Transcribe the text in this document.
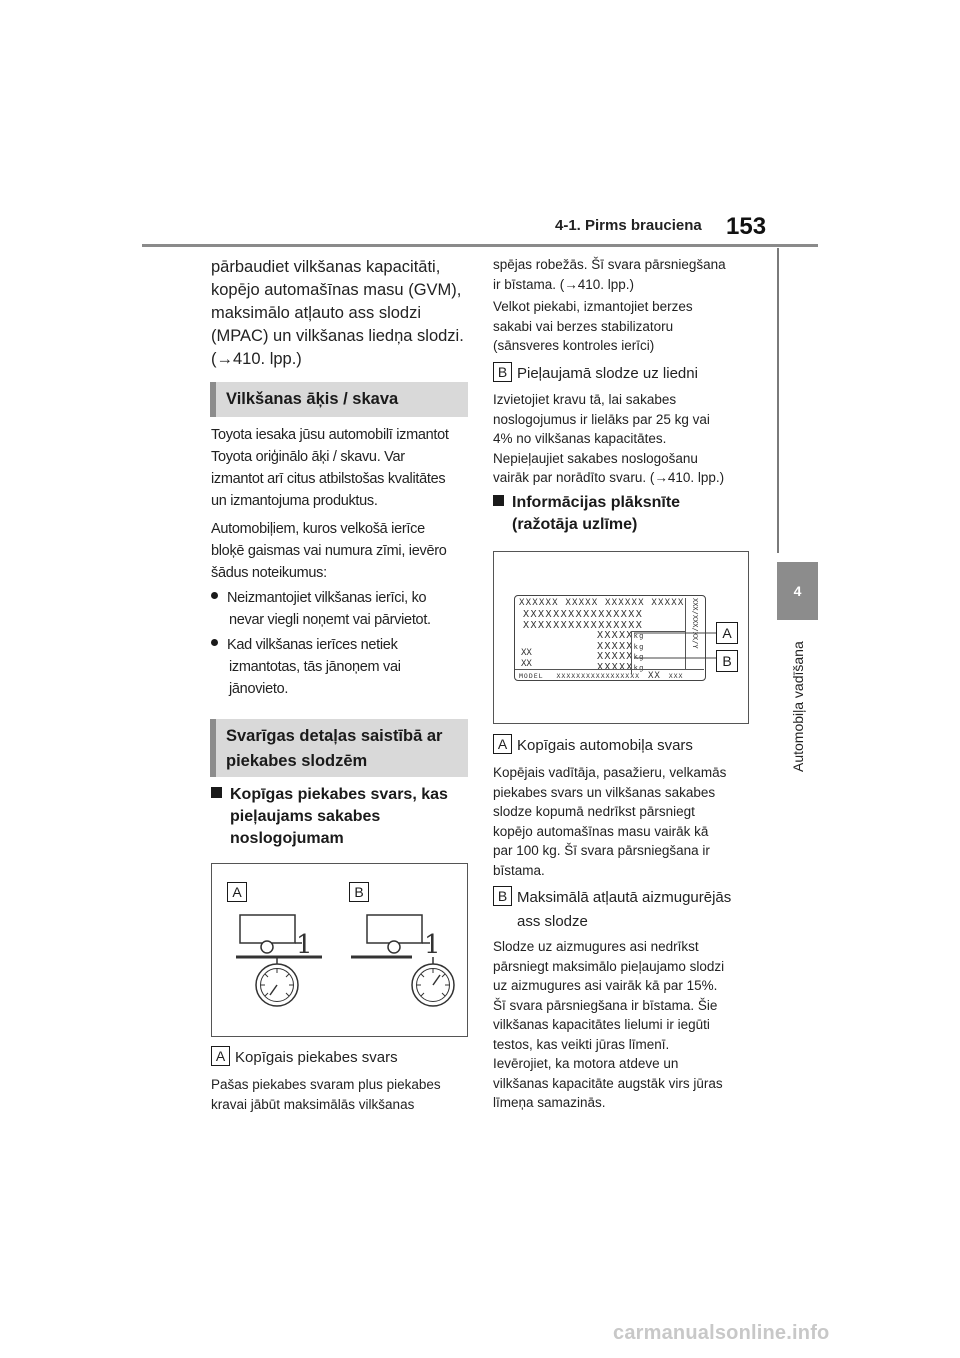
4-1. Pirms brauciena 153
4
Automobiļa vadīšana
pārbaudiet vilkšanas kapacitāti,
kopējo automašīnas masu (GVM),
maksimālo atļauto ass slodzi
(MPAC) un vilkšanas liedņa slodzi.
(→410. lpp.)
Vilkšanas āķis / skava
Toyota iesaka jūsu automobilī izmantot
Toyota oriģinālo āķi / skavu. Var
izmantot arī citus atbilstošas kvalitātes
un izmantojuma produktus.
Automobiļiem, kuros velkošā ierīce
bloķē gaismas vai numura zīmi, ievēro
šādus noteikumus:
Neizmantojiet vilkšanas ierīci, ko
nevar viegli noņemt vai pārvietot.
Kad vilkšanas ierīces netiek
izmantotas, tās jānoņem vai
jānovieto.
Svarīgas detaļas saistībā ar
piekabes slodzēm
Kopīgas piekabes svars, kas
pieļaujams sakabes
noslogojumam
A	B
1	1
A Kopīgais piekabes svars
Pašas piekabes svaram plus piekabes
kravai jābūt maksimālās vilkšanas
spējas robežās. Šī svara pārsniegšana
ir bīstama. (→410. lpp.)
Velkot piekabi, izmantojiet berzes
sakabi vai berzes stabilizatoru
(sānsveres kontroles ierīci)
B Pieļaujamā slodze uz liedni
Izvietojiet kravu tā, lai sakabes
noslogojumus ir lielāks par 25 kg vai
4% no vilkšanas kapacitātes.
Nepieļaujiet sakabes noslogošanu
vairāk par norādīto svaru. (→410. lpp.)
Informācijas plāksnīte
(ražotāja uzlīme)
XXXXXX XXXXX XXXXXX XXXXX
XXXXXXXXXXXXXXXX
XXXXXXXXXXXXXXXX
XXXXXkg
XXXXXkg
XXXXXkg
XXXXXkg
XX
XX
XXX/XXX/XX/Y
MODEL XXXXXXXXXXXXXXXXX XX XXX
A
B
A Kopīgais automobiļa svars
Kopējais vadītāja, pasažieru, velkamās
piekabes svars un vilkšanas sakabes
slodze kopumā nedrīkst pārsniegt
kopējo automašīnas masu vairāk kā
par 100 kg. Šī svara pārsniegšana ir
bīstama.
B Maksimālā atļautā aizmugurējās
ass slodze
Slodze uz aizmugures asi nedrīkst
pārsniegt maksimālo pieļaujamo slodzi
uz aizmugures asi vairāk kā par 15%.
Šī svara pārsniegšana ir bīstama. Šie
vilkšanas kapacitātes lielumi ir iegūti
testos, kas veikti jūras līmenī.
Ievērojiet, ka motora atdeve un
vilkšanas kapacitāte augstāk virs jūras
līmeņa samazinās.
carmanualsonline.info
